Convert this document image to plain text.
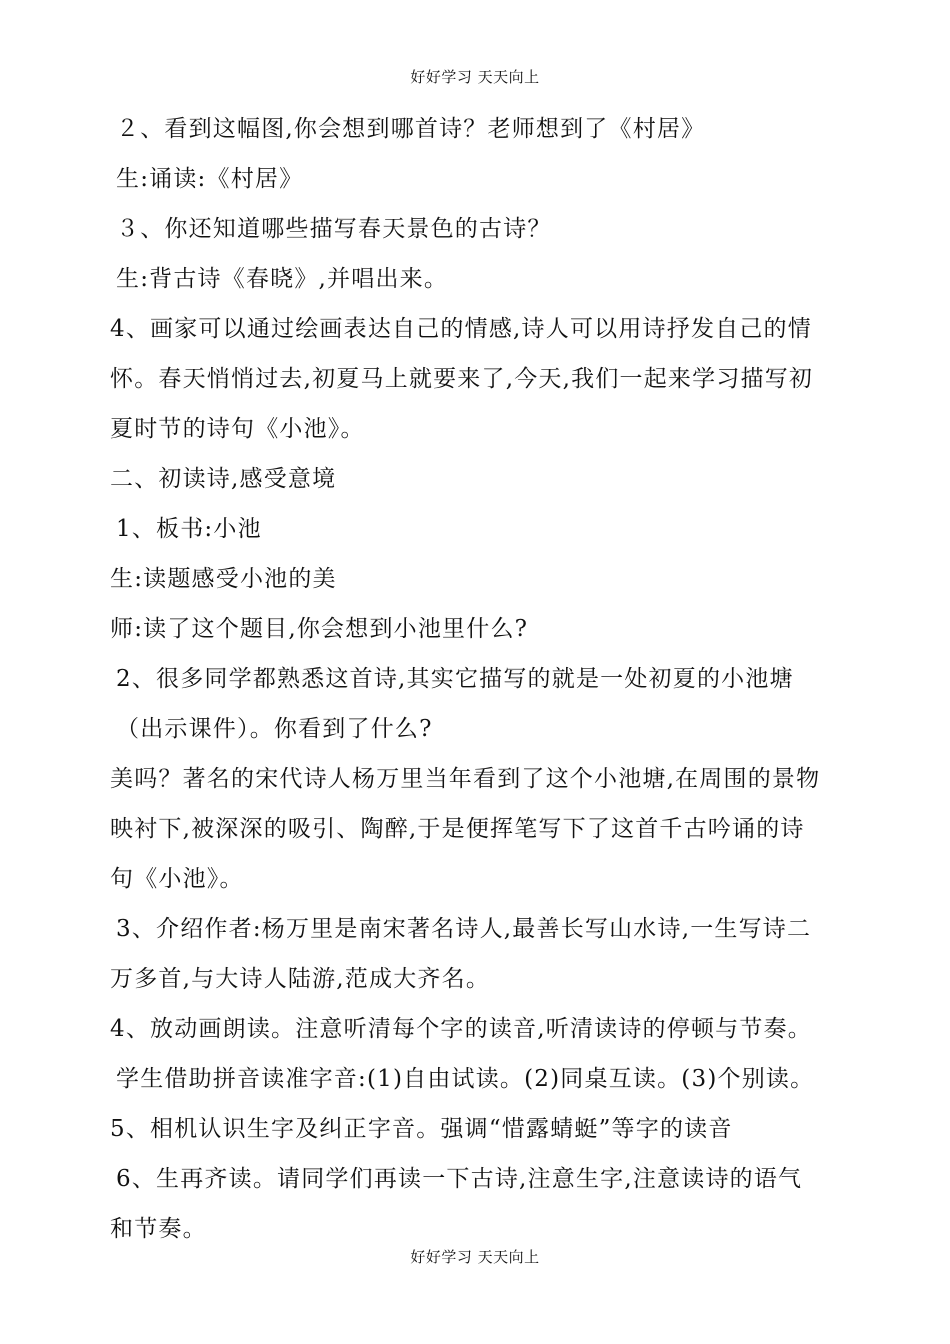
好好学习 天天向上
２、看到这幅图,你会想到哪首诗？老师想到了《村居》
生:诵读:《村居》
３、你还知道哪些描写春天景色的古诗？
生:背古诗《春晓》,并唱出来。
4、画家可以通过绘画表达自己的情感,诗人可以用诗抒发自己的情
怀。春天悄悄过去,初夏马上就要来了,今天,我们一起来学习描写初
夏时节的诗句《小池》。
二、初读诗,感受意境
1、板书:小池
生:读题感受小池的美
师:读了这个题目,你会想到小池里什么?
2、很多同学都熟悉这首诗,其实它描写的就是一处初夏的小池塘
（出示课件）。你看到了什么?
美吗？著名的宋代诗人杨万里当年看到了这个小池塘,在周围的景物
映衬下,被深深的吸引、陶醉,于是便挥笔写下了这首千古吟诵的诗
句《小池》。
3、介绍作者:杨万里是南宋著名诗人,最善长写山水诗,一生写诗二
万多首,与大诗人陆游,范成大齐名。
4、放动画朗读。注意听清每个字的读音,听清读诗的停顿与节奏。
学生借助拼音读准字音:(1)自由试读。(2)同桌互读。(3)个别读。
5、相机认识生字及纠正字音。强调“惜露蜻蜓”等字的读音
6、生再齐读。请同学们再读一下古诗,注意生字,注意读诗的语气
和节奏。
好好学习 天天向上
